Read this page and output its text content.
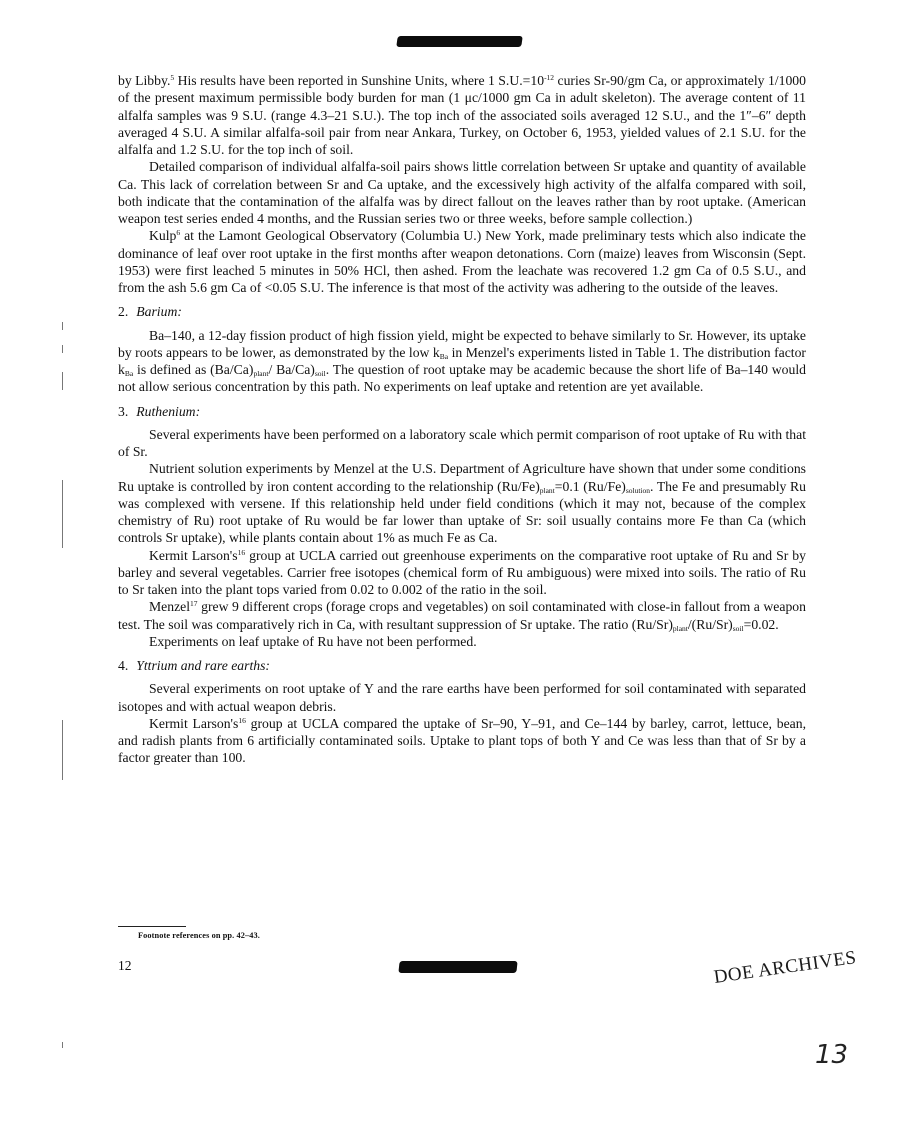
by Libby.$^5$ His results have been reported in Sunshine Units, where 1 S.U.=10$^{-12}$ curies Sr-90/gm Ca, or approximately 1/1000 of the present maximum permissible body burden for man (1 μc/1000 gm Ca in adult skeleton). The average content of 11 alfalfa samples was 9 S.U. (range 4.3–21 S.U.). The top inch of the associated soils averaged 12 S.U., and the 1″–6″ depth averaged 4 S.U. A similar alfalfa-soil pair from near Ankara, Turkey, on October 6, 1953, yielded values of 2.1 S.U. for the alfalfa and 1.2 S.U. for the top inch of soil.

Detailed comparison of individual alfalfa-soil pairs shows little correlation between Sr uptake and quantity of available Ca. This lack of correlation between Sr and Ca uptake, and the excessively high activity of the alfalfa compared with soil, both indicate that the contamination of the alfalfa was by direct fallout on the leaves rather than by root uptake. (American weapon test series ended 4 months, and the Russian series two or three weeks, before sample collection.)

Kulp$^6$ at the Lamont Geological Observatory (Columbia U.) New York, made preliminary tests which also indicate the dominance of leaf over root uptake in the first months after weapon detonations. Corn (maize) leaves from Wisconsin (Sept. 1953) were first leached 5 minutes in 50% HCl, then ashed. From the leachate was recovered 1.2 gm Ca of 0.5 S.U., and from the ash 5.6 gm Ca of <0.05 S.U. The inference is that most of the activity was adhering to the outside of the leaves.

2. Barium:

Ba–140, a 12-day fission product of high fission yield, might be expected to behave similarly to Sr. However, its uptake by roots appears to be lower, as demonstrated by the low $k_{Ba}$ in Menzel's experiments listed in Table 1. The distribution factor $k_{Ba}$ is defined as $(Ba/Ca)_{plant}/$ $Ba/Ca)_{soil}$. The question of root uptake may be academic because the short life of Ba–140 would not allow serious concentration by this path. No experiments on leaf uptake and retention are yet available.

3. Ruthenium:

Several experiments have been performed on a laboratory scale which permit comparison of root uptake of Ru with that of Sr.

Nutrient solution experiments by Menzel at the U.S. Department of Agriculture have shown that under some conditions Ru uptake is controlled by iron content according to the relationship $(Ru/Fe)_{plant}=0.1$ $(Ru/Fe)_{solution}$. The Fe and presumably Ru was complexed with versene. If this relationship held under field conditions (which it may not, because of the complex chemistry of Ru) root uptake of Ru would be far lower than uptake of Sr: soil usually contains more Fe than Ca (which controls Sr uptake), while plants contain about 1% as much Fe as Ca.

Kermit Larson's$^{16}$ group at UCLA carried out greenhouse experiments on the comparative root uptake of Ru and Sr by barley and several vegetables. Carrier free isotopes (chemical form of Ru ambiguous) were mixed into soils. The ratio of Ru to Sr taken into the plant tops varied from 0.02 to 0.002 of the ratio in the soil.

Menzel$^{17}$ grew 9 different crops (forage crops and vegetables) on soil contaminated with close-in fallout from a weapon test. The soil was comparatively rich in Ca, with resultant suppression of Sr uptake. The ratio $(Ru/Sr)_{plant}/(Ru/Sr)_{soil}=0.02$.

Experiments on leaf uptake of Ru have not been performed.

4. Yttrium and rare earths:

Several experiments on root uptake of Y and the rare earths have been performed for soil contaminated with separated isotopes and with actual weapon debris.

Kermit Larson's$^{16}$ group at UCLA compared the uptake of Sr–90, Y–91, and Ce–144 by barley, carrot, lettuce, bean, and radish plants from 6 artificially contaminated soils. Uptake to plant tops of both Y and Ce was less than that of Sr by a factor greater than 100.

Footnote references on pp. 42–43.
12	DOE ARCHIVES
13
